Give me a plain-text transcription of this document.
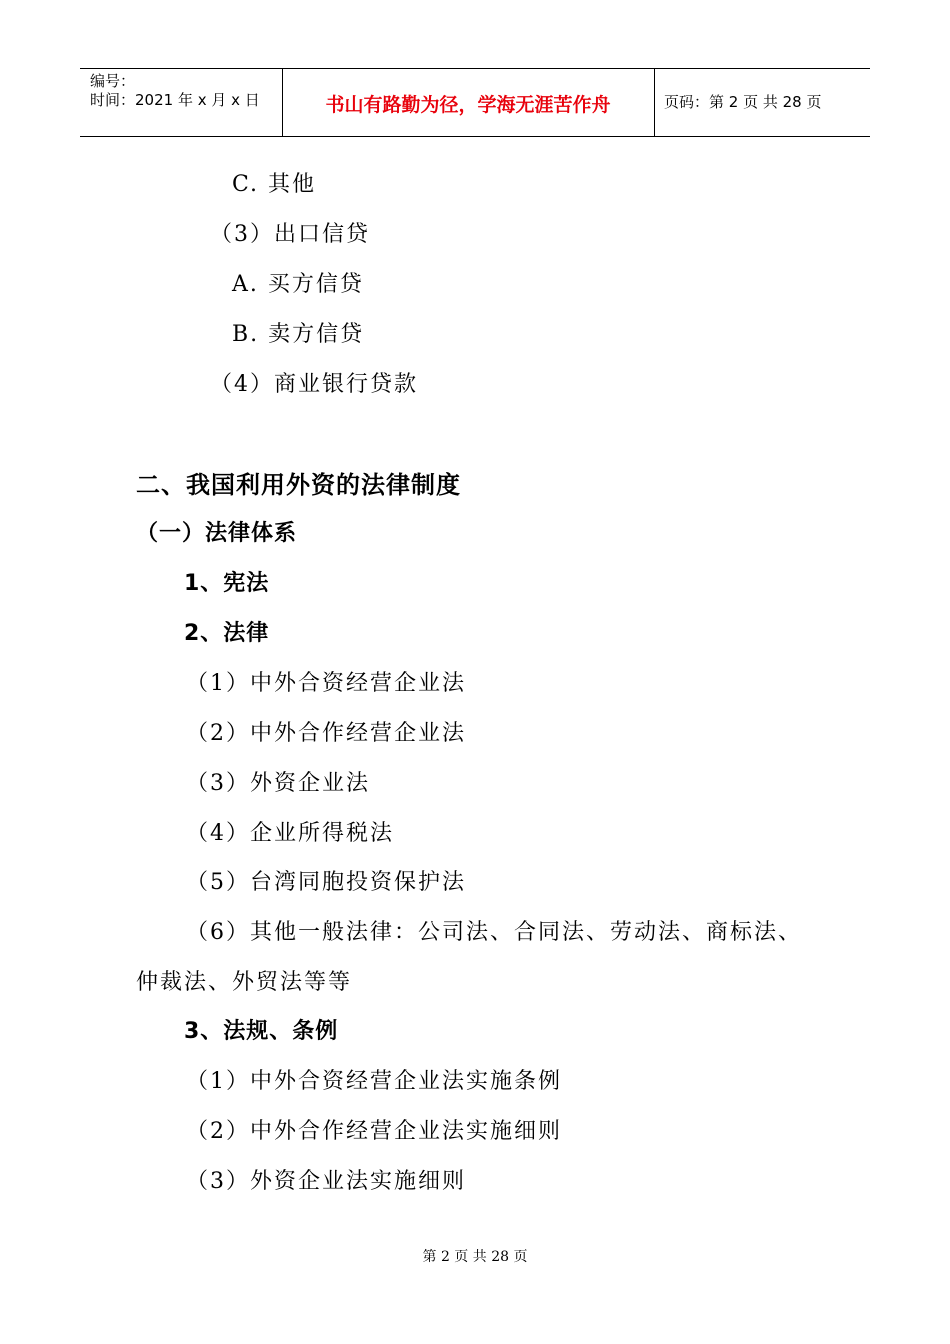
编号：
时间：2021 年 x 月 x 日	书山有路勤为径，学海无涯苦作舟	页码：第 2 页 共 28 页
C. 其他
（3）出口信贷
A. 买方信贷
B. 卖方信贷
（4）商业银行贷款
二、我国利用外资的法律制度
（一）法律体系
1、宪法
2、法律
（1）中外合资经营企业法
（2）中外合作经营企业法
（3）外资企业法
（4）企业所得税法
（5）台湾同胞投资保护法
（6）其他一般法律：公司法、合同法、劳动法、商标法、
仲裁法、外贸法等等
3、法规、条例
（1）中外合资经营企业法实施条例
（2）中外合作经营企业法实施细则
（3）外资企业法实施细则
第 2 页 共 28 页
